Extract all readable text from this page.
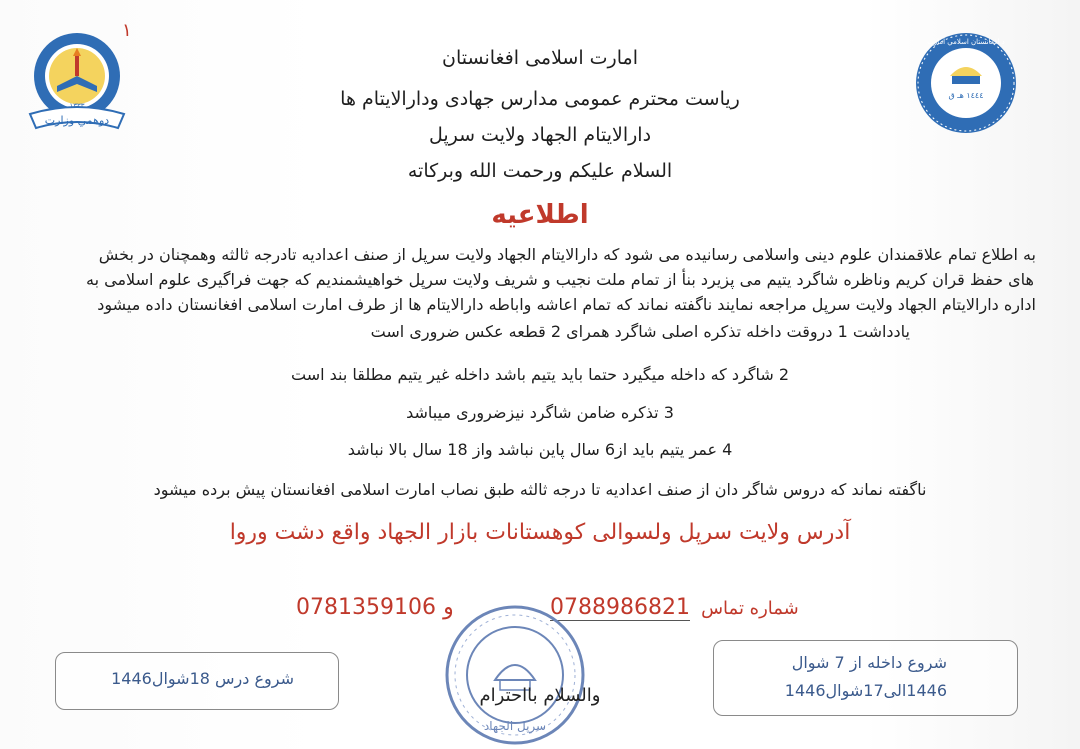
دوهمي وزارت
۱۳۳۳
۱
١٤٤٤ هـ ق
د افغانستان اسلامي امارت
امارت اسلامی افغانستان
ریاست محترم عمومی مدارس جهادی ودارالایتام ها
دارالایتام الجهاد ولایت سرپل
السلام علیکم ورحمت الله وبرکاته
اطلاعیه
به اطلاع تمام علاقمندان علوم دینی واسلامی رسانیده می شود که دارالایتام الجهاد ولایت سرپل از صنف اعدادیه تادرجه ثالثه وهمچنان در بخش
های حفظ قران کریم وناظره شاگرد یتیم می پزیرد بنأ از تمام ملت نجیب و شریف ولایت سرپل خواهیشمندیم که جهت فراگیری علوم اسلامی به
اداره دارالایتام الجهاد ولایت سرپل مراجعه نمایند ناگفته نماند که تمام اعاشه واباطه دارالایتام ها از طرف امارت اسلامی افغانستان داده میشود
یادداشت 1 دروقت داخله تذکره اصلی شاگرد همرای 2 قطعه عکس ضروری است
2 شاگرد که داخله میگیرد حتما باید یتیم باشد داخله غیر یتیم مطلقا بند است
3 تذکره ضامن شاگرد نیزضروری میباشد
4 عمر یتیم باید از6 سال پاین نباشد واز 18 سال بالا نباشد
ناگفته نماند که دروس شاگر دان از صنف اعدادیه تا درجه ثالثه طبق نصاب امارت اسلامی افغانستان پیش برده میشود
آدرس ولایت سرپل ولسوالی کوهستانات بازار الجهاد واقع دشت وروا
0781359106 و	0788986821 شماره تماس
سرپل الجهاد
شروع درس 18شوال1446
شروع داخله از 7 شوال
1446الی17شوال1446
والسلام بااحترام
